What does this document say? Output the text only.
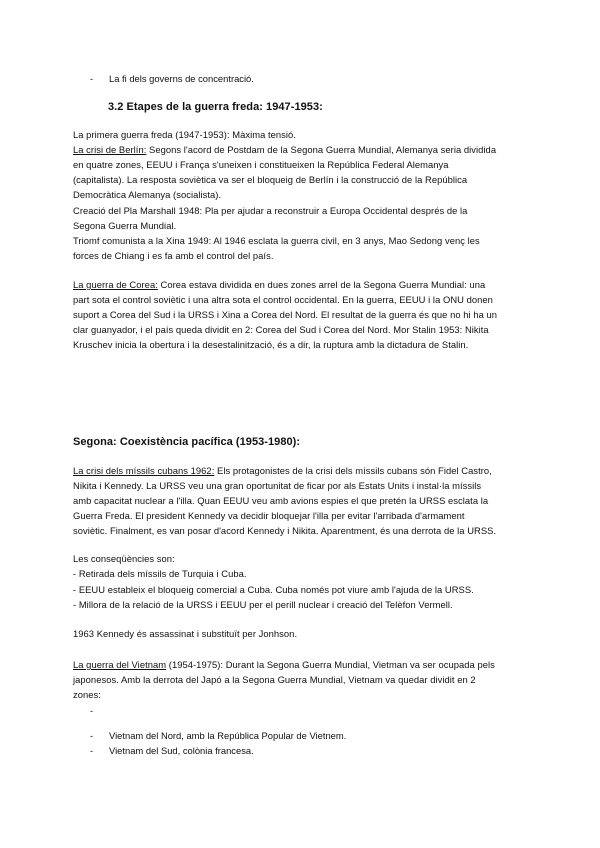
- La fi dels governs de concentració.
3.2 Etapes de la guerra freda: 1947-1953:
La primera guerra freda (1947-1953): Màxima tensió.
La crisi de Berlín: Segons l'acord de Postdam de la Segona Guerra Mundial, Alemanya seria dividida
en quatre zones, EEUU i França s'uneixen i constitueixen la República Federal Alemanya
(capitalista). La resposta soviètica va ser el bloqueig de Berlín i la construcció de la República
Democràtica Alemanya (socialista).
Creació del Pla Marshall 1948: Pla per ajudar a reconstruir a Europa Occidental després de la
Segona Guerra Mundial.
Triomf comunista a la Xina 1949: Al 1946 esclata la guerra civil, en 3 anys, Mao Sedong venç les
forces de Chiang i es fa amb el control del país.
La guerra de Corea: Corea estava dividida en dues zones arrel de la Segona Guerra Mundial: una
part sota el control soviètic i una altra sota el control occidental. En la guerra, EEUU i la ONU donen
suport a Corea del Sud i la URSS i Xina a Corea del Nord. El resultat de la guerra és que no hi ha un
clar guanyador, i el país queda dividit en 2: Corea del Sud i Corea del Nord. Mor Stalin 1953: Nikita
Kruschev inicia la obertura i la desestalinització, és a dir, la ruptura amb la dictadura de Stalin.
Segona: Coexistència pacífica (1953-1980):
La crisi dels míssils cubans 1962: Els protagonistes de la crisi dels míssils cubans són Fidel Castro,
Nikita i Kennedy. La URSS veu una gran oportunitat de ficar por als Estats Units i instal·la míssils
amb capacitat nuclear a l'illa. Quan EEUU veu amb avions espies el que pretén la URSS esclata la
Guerra Freda. El president Kennedy va decidir bloquejar l'illa per evitar l'arribada d'armament
soviètic. Finalment, es van posar d'acord Kennedy i Nikita. Aparentment, és una derrota de la URSS.
Les conseqüències son:
- Retirada dels míssils de Turquia i Cuba.
- EEUU estableix el bloqueig comercial a Cuba. Cuba només pot viure amb l'ajuda de la URSS.
- Millora de la relació de la URSS i EEUU per el perill nuclear i creació del Telèfon Vermell.
1963 Kennedy és assassinat i substituït per Jonhson.
La guerra del Vietnam (1954-1975): Durant la Segona Guerra Mundial, Vietman va ser ocupada pels
japonesos. Amb la derrota del Japó a la Segona Guerra Mundial, Vietnam va quedar dividit en 2
zones:
-
- Vietnam del Nord, amb la República Popular de Vietnem.
- Vietnam del Sud, colònia francesa.
